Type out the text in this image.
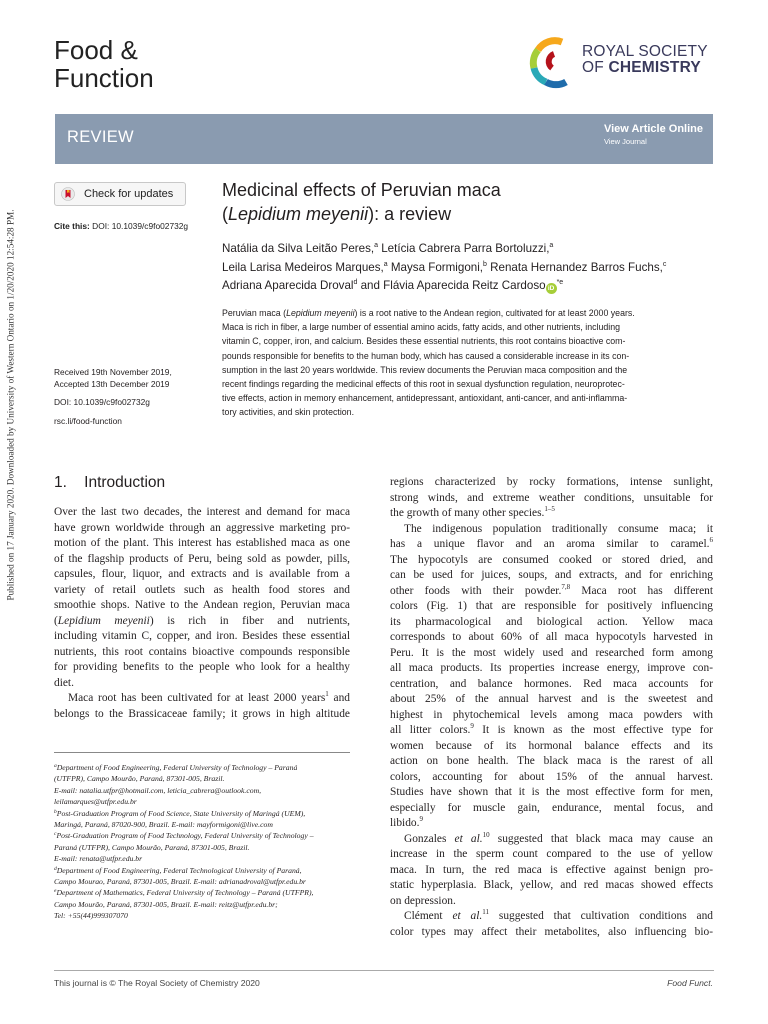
Published on 17 January 2020. Downloaded by University of Western Ontario on 1/20/2020 12:54:28 PM.
Food &
Function
ROYAL SOCIETY
OF CHEMISTRY
REVIEW	View Article Online
View Journal
Check for updates
Cite this: DOI: 10.1039/c9fo02732g
Medicinal effects of Peruvian maca
(Lepidium meyenii): a review
Natália da Silva Leitão Peres,$^a$ Letícia Cabrera Parra Bortoluzzi,$^a$
Leila Larisa Medeiros Marques,$^a$ Maysa Formigoni,$^b$ Renata Hernandez Barros Fuchs,$^c$
Adriana Aparecida Droval$^d$ and Flávia Aparecida Reitz Cardoso $iD^{*e}$
Peruvian maca (Lepidium meyenii) is a root native to the Andean region, cultivated for at least 2000 years.
Maca is rich in fiber, a large number of essential amino acids, fatty acids, and other nutrients, including
vitamin C, copper, iron, and calcium. Besides these essential nutrients, this root contains bioactive com-
pounds responsible for benefits to the human body, which has caused a considerable increase in its con-
sumption in the last 20 years worldwide. This review documents the Peruvian maca composition and the
recent findings regarding the medicinal effects of this root in sexual dysfunction regulation, neuroprotec-
tive effects, action in memory enhancement, antidepressant, antioxidant, anti-cancer, and anti-inflamma-
tory activities, and skin protection.
Received 19th November 2019,
Accepted 13th December 2019
DOI: 10.1039/c9fo02732g
rsc.li/food-function
1.    Introduction
Over the last two decades, the interest and demand for maca
have grown worldwide through an aggressive marketing pro-
motion of the plant. This interest has established maca as one
of the flagship products of Peru, being sold as powder, pills,
capsules, flour, liquor, and extracts and is available from a
variety of retail outlets such as health food stores and
smoothie shops. Native to the Andean region, Peruvian maca
(Lepidium meyenii) is rich in fiber and nutrients,
including vitamin C, copper, and iron. Besides these essential
nutrients, this root contains bioactive compounds responsible
for providing benefits to the people who look for a healthy
diet.
Maca root has been cultivated for at least 2000 years$^1$ and
belongs to the Brassicaceae family; it grows in high altitude
$^a$Department of Food Engineering, Federal University of Technology – Paraná
(UTFPR), Campo Mourão, Paraná, 87301-005, Brazil.
E-mail: natalia.utfpr@hotmail.com, leticia_cabrera@outlook.com,
leilamarques@utfpr.edu.br
$^b$Post-Graduation Program of Food Science, State University of Maringá (UEM),
Maringá, Paraná, 87020-900, Brazil. E-mail: mayformigoni@live.com
$^c$Post-Graduation Program of Food Technology, Federal University of Technology –
Paraná (UTFPR), Campo Mourão, Paraná, 87301-005, Brazil.
E-mail: renata@utfpr.edu.br
$^d$Department of Food Engineering, Federal Technological University of Paraná,
Campo Mourao, Paraná, 87301-005, Brazil. E-mail: adrianadroval@utfpr.edu.br
$^e$Department of Mathematics, Federal University of Technology – Paraná (UTFPR),
Campo Mourão, Paraná, 87301-005, Brazil. E-mail: reitz@utfpr.edu.br;
Tel: +55(44)999307070
regions characterized by rocky formations, intense sunlight,
strong winds, and extreme weather conditions, unsuitable for
the growth of many other species.$^{1-5}$
The indigenous population traditionally consume maca; it
has a unique flavor and an aroma similar to caramel.$^6$
The hypocotyls are consumed cooked or stored dried, and
can be used for juices, soups, and extracts, and for enriching
other foods with their powder.$^{7,8}$ Maca root has different
colors (Fig. 1) that are responsible for positively influencing
its pharmacological and biological action. Yellow maca
corresponds to about 60% of all maca hypocotyls harvested in
Peru. It is the most widely used and researched form among
all maca products. Its properties increase energy, improve con-
centration, and balance hormones. Red maca accounts for
about 25% of the annual harvest and is the sweetest and
highest in phytochemical levels among maca powders with
all litter colors.$^9$ It is known as the most effective type for
women because of its hormonal balance effects and its
action on bone health. The black maca is the rarest of all
colors, accounting for about 15% of the annual harvest.
Studies have shown that it is the most effective form for men,
especially for muscle gain, endurance, mental focus, and
libido.$^9$
Gonzales et al.$^{10}$ suggested that black maca may cause an
increase in the sperm count compared to the use of yellow
maca. In turn, the red maca is effective against benign pro-
static hyperplasia. Black, yellow, and red macas showed effects
on depression.
Clément et al.$^{11}$ suggested that cultivation conditions and
color types may affect their metabolites, also influencing bio-
This journal is © The Royal Society of Chemistry 2020	Food Funct.
